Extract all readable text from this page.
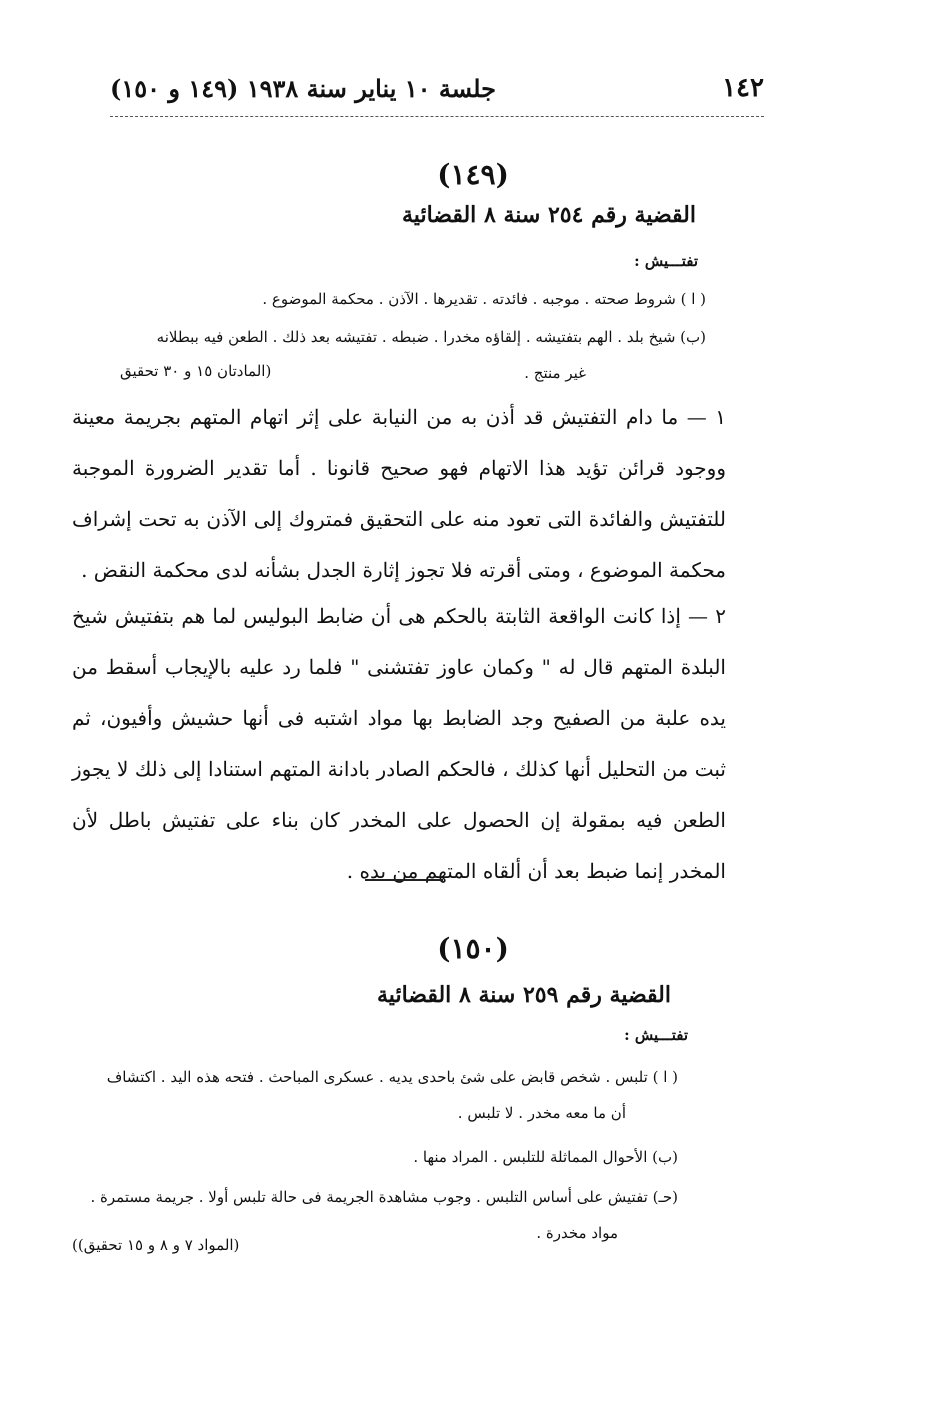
١٤٢
جلسة ١٠ يناير سنة ١٩٣٨ (١٤٩ و ١٥٠)
(١٤٩)
القضية رقم ٢٥٤ سنة ٨ القضائية
تفتـــيش :
( ا ) شروط صحته . موجبه . فائدته . تقديرها . الآذن . محكمة الموضوع .
(ب) شيخ بلد . الهم بتفتيشه . إلقاؤه مخدرا . ضبطه . تفتيشه بعد ذلك . الطعن فيه ببطلانه
غير منتج .
(المادتان ١٥ و ٣٠ تحقيق
١ — ما دام التفتيش قد أذن به من النيابة على إثر اتهام المتهم بجريمة معينة ووجود قرائن تؤيد هذا الاتهام فهو صحيح قانونا . أما تقدير الضرورة الموجبة للتفتيش والفائدة التى تعود منه على التحقيق فمتروك إلى الآذن به تحت إشراف محكمة الموضوع ، ومتى أقرته فلا تجوز إثارة الجدل بشأنه لدى محكمة النقض .
٢ — إذا كانت الواقعة الثابتة بالحكم هى أن ضابط البوليس لما هم بتفتيش شيخ البلدة المتهم قال له " وكمان عاوز تفتشنى " فلما رد عليه بالإيجاب أسقط من يده علبة من الصفيح وجد الضابط بها مواد اشتبه فى أنها حشيش وأفيون، ثم ثبت من التحليل أنها كذلك ، فالحكم الصادر بادانة المتهم استنادا إلى ذلك لا يجوز الطعن فيه بمقولة إن الحصول على المخدر كان بناء على تفتيش باطل لأن المخدر إنما ضبط بعد أن ألقاه المتهم من يده .
(١٥٠)
القضية رقم ٢٥٩ سنة ٨ القضائية
تفتـــيش :
( ا ) تلبس . شخص قابض على شئ باحدى يديه . عسكرى المباحث . فتحه هذه اليد . اكتشاف
أن ما معه مخدر . لا تلبس .
(ب) الأحوال المماثلة للتلبس . المراد منها .
(حـ) تفتيش على أساس التلبس . وجوب مشاهدة الجريمة فى حالة تلبس أولا . جريمة مستمرة .
مواد مخدرة .
(المواد ٧ و ٨ و ١٥ تحقيق))
